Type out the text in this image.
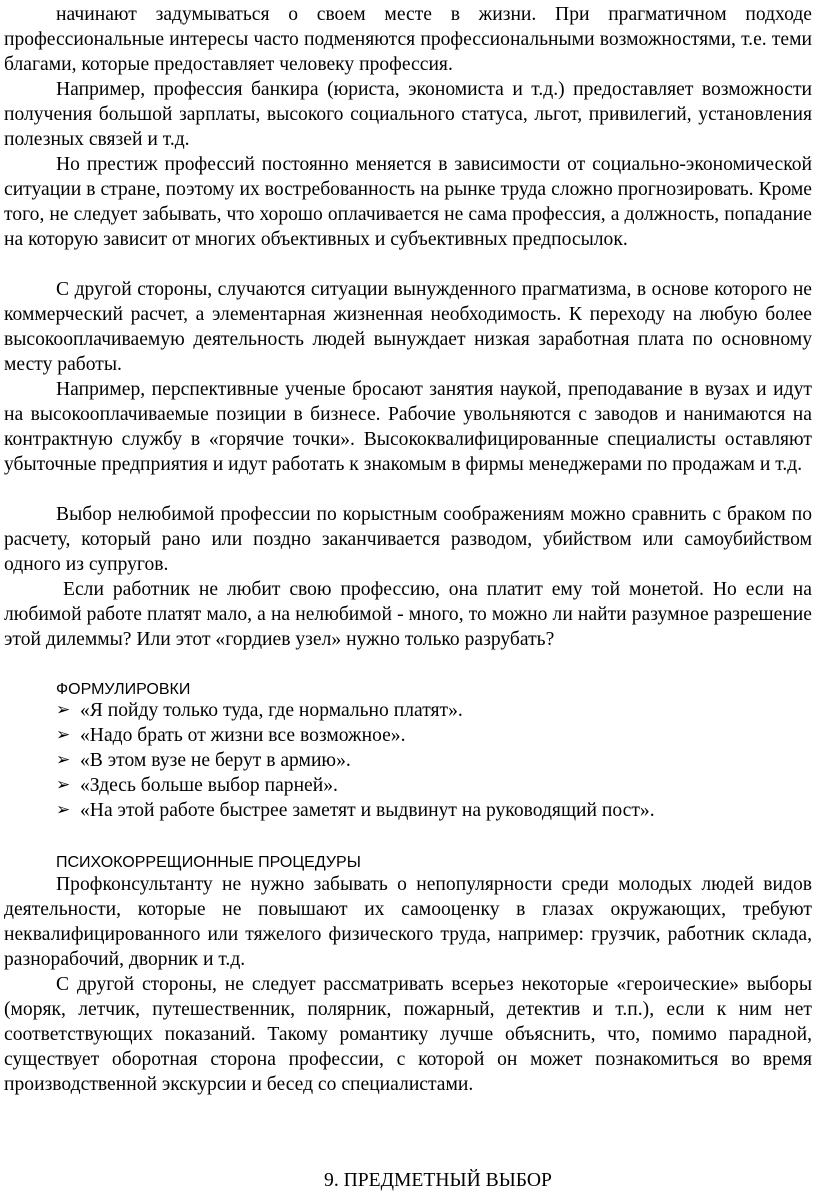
начинают задумываться о своем месте в жизни. При прагматичном подходе профессиональные интересы часто подменяются профессиональными возможностями, т.е. теми благами, которые предоставляет человеку профессия.

Например, профессия банкира (юриста, экономиста и т.д.) предоставляет возможности получения большой зарплаты, высокого социального статуса, льгот, привилегий, установления полезных связей и т.д.

Но престиж профессий постоянно меняется в зависимости от социально-экономической ситуации в стране, поэтому их востребованность на рынке труда сложно прогнозировать. Кроме того, не следует забывать, что хорошо оплачивается не сама профессия, а должность, попадание на которую зависит от многих объективных и субъективных предпосылок.

С другой стороны, случаются ситуации вынужденного прагматизма, в основе которого не коммерческий расчет, а элементарная жизненная необходимость. К переходу на любую более высокооплачиваемую деятельность людей вынуждает низкая заработная плата по основному месту работы.

Например, перспективные ученые бросают занятия наукой, преподавание в вузах и идут на высокооплачиваемые позиции в бизнесе. Рабочие увольняются с заводов и нанимаются на контрактную службу в «горячие точки». Высококвалифицированные специалисты оставляют убыточные предприятия и идут работать к знакомым в фирмы менеджерами по продажам и т.д.

Выбор нелюбимой профессии по корыстным соображениям можно сравнить с браком по расчету, который рано или поздно заканчивается разводом, убийством или самоубийством одного из супругов.

Если работник не любит свою профессию, она платит ему той монетой. Но если на любимой работе платят мало, а на нелюбимой - много, то можно ли найти разумное разрешение этой дилеммы? Или этот «гордиев узел» нужно только разрубать?

ФОРМУЛИРОВКИ

➢ «Я пойду только туда, где нормально платят».
➢ «Надо брать от жизни все возможное».
➢ «В этом вузе не берут в армию».
➢ «Здесь больше выбор парней».
➢ «На этой работе быстрее заметят и выдвинут на руководящий пост».

ПСИХОКОРРЕЩИОННЫЕ ПРОЦЕДУРЫ

Профконсультанту не нужно забывать о непопулярности среди молодых людей видов деятельности, которые не повышают их самооценку в глазах окружающих, требуют неквалифицированного или тяжелого физического труда, например: грузчик, работник склада, разнорабочий, дворник и т.д.

С другой стороны, не следует рассматривать всерьез некоторые «героические» выборы (моряк, летчик, путешественник, полярник, пожарный, детектив и т.п.), если к ним нет соответствующих показаний. Такому романтику лучше объяснить, что, помимо парадной, существует оборотная сторона профессии, с которой он может познакомиться во время производственной экскурсии и бесед со специалистами.

9. ПРЕДМЕТНЫЙ ВЫБОР
